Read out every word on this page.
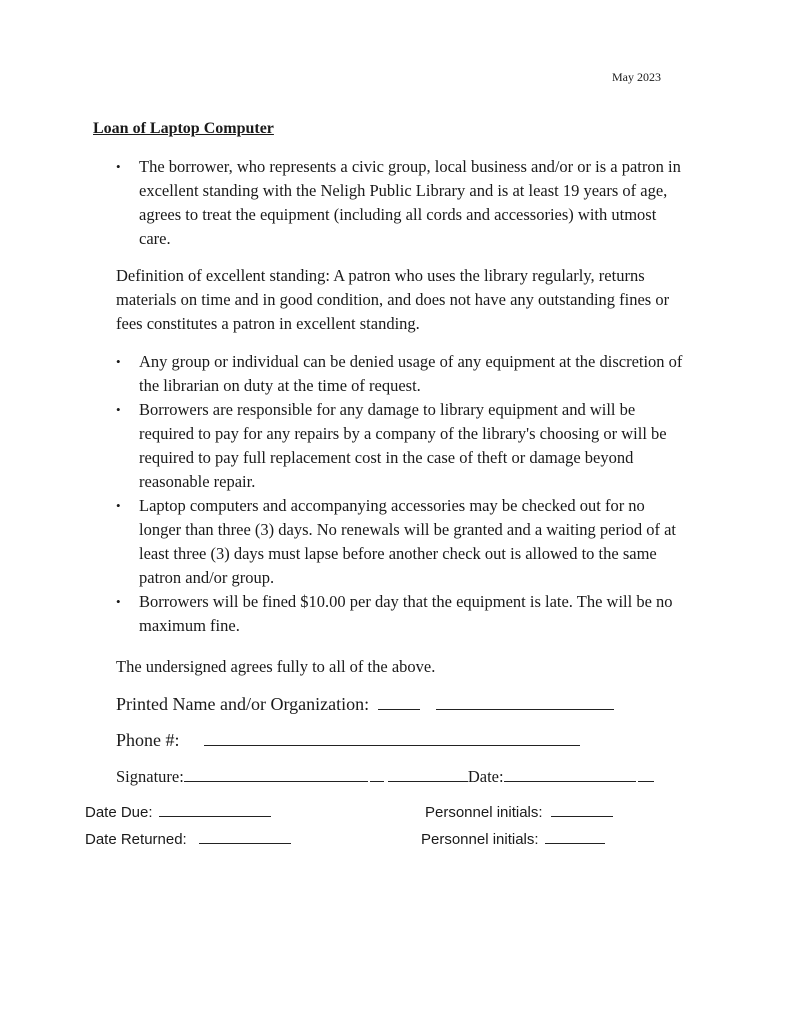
May 2023
Loan of Laptop Computer
• The borrower, who represents a civic group, local business and/or or is a patron in excellent standing with the Neligh Public Library and is at least 19 years of age, agrees to treat the equipment (including all cords and accessories) with utmost care.
Definition of excellent standing: A patron who uses the library regularly, returns materials on time and in good condition, and does not have any outstanding fines or fees constitutes a patron in excellent standing.
• Any group or individual can be denied usage of any equipment at the discretion of the librarian on duty at the time of request.
• Borrowers are responsible for any damage to library equipment and will be required to pay for any repairs by a company of the library's choosing or will be required to pay full replacement cost in the case of theft or damage beyond reasonable repair.
• Laptop computers and accompanying accessories may be checked out for no longer than three (3) days. No renewals will be granted and a waiting period of at least three (3) days must lapse before another check out is allowed to the same patron and/or group.
• Borrowers will be fined $10.00 per day that the equipment is late. The will be no maximum fine.
The undersigned agrees fully to all of the above.
Printed Name and/or Organization:
Phone #:
Signature:	Date:
Date Due:	Personnel initials:
Date Returned:	Personnel initials:
